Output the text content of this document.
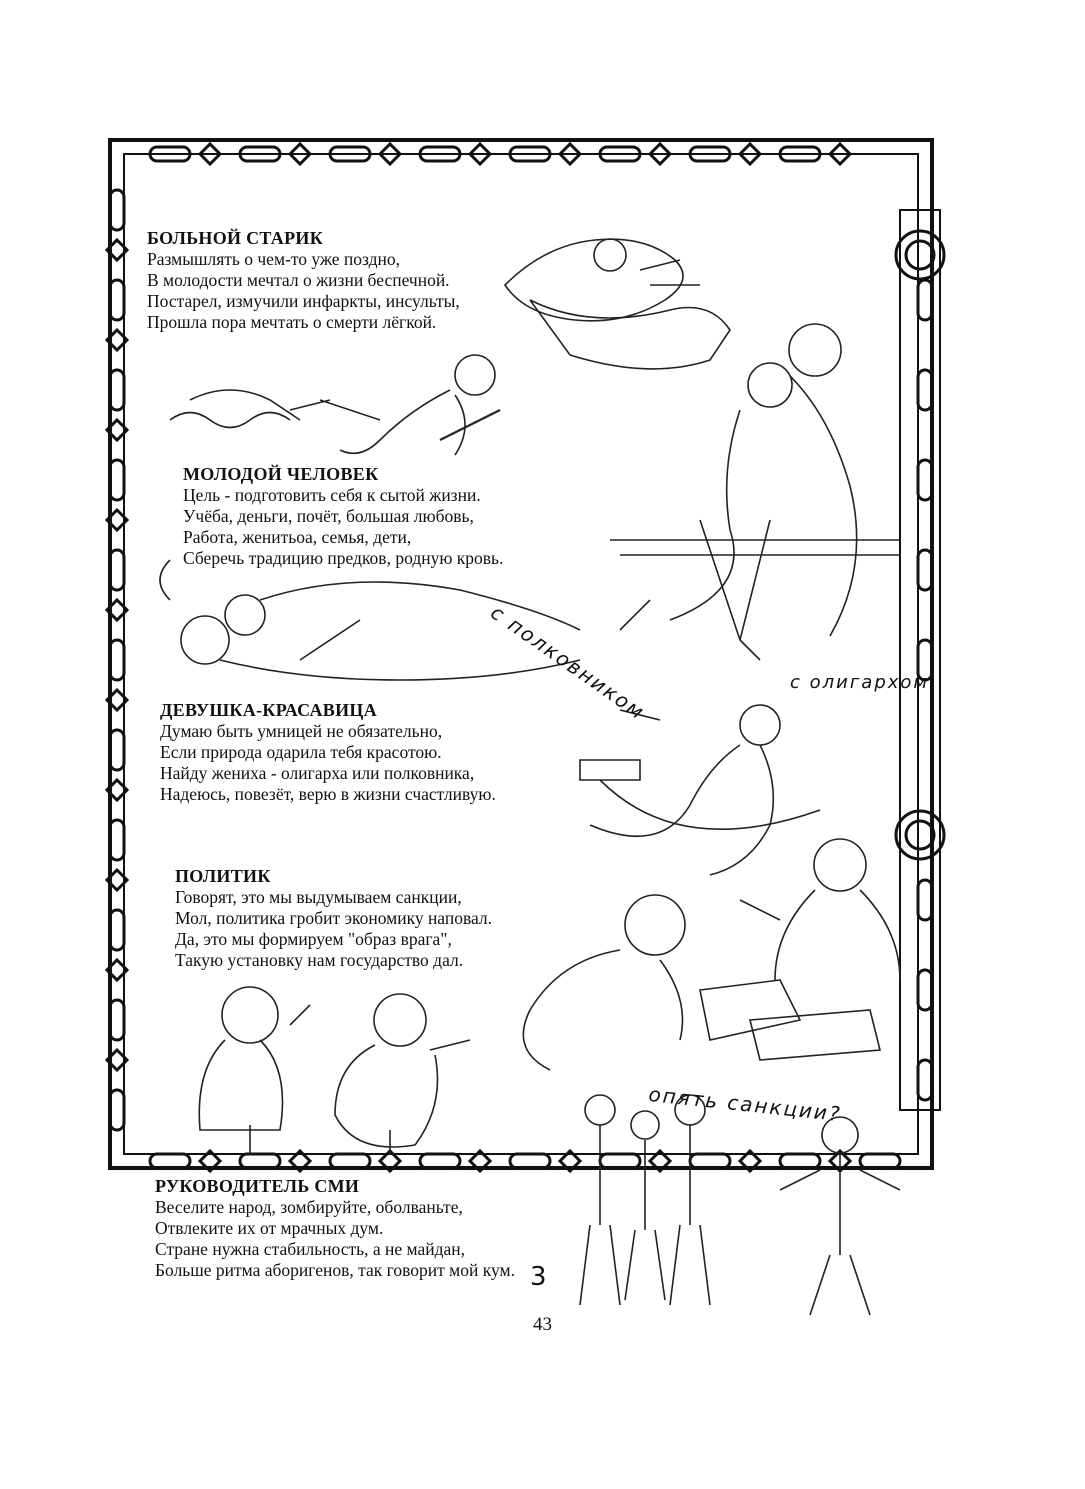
БОЛЬНОЙ СТАРИК
Размышлять о чем-то уже поздно,
В молодости мечтал о жизни беспечной.
Постарел, измучили инфаркты, инсульты,
Прошла пора мечтать о смерти лёгкой.
МОЛОДОЙ ЧЕЛОВЕК
Цель - подготовить себя к сытой жизни.
Учёба, деньги, почёт, большая любовь,
Работа, женитьоа, семья, дети,
Сберечь традицию предков, родную кровь.
ДЕВУШКА-КРАСАВИЦА
Думаю быть умницей не обязательно,
Если природа одарила тебя красотою.
Найду жениха - олигарха или полковника,
Надеюсь, повезёт, верю в жизни счастливую.
ПОЛИТИК
Говорят, это мы выдумываем санкции,
Мол, политика гробит экономику наповал.
Да, это мы формируем "образ врага",
Такую установку нам государство дал.
РУКОВОДИТЕЛЬ СМИ
Веселите народ, зомбируйте, оболваньте,
Отвлеките их от мрачных дум.
Стране нужна стабильность, а не майдан,
Больше ритма аборигенов, так говорит мой кум.
с полковником	с олигархом
опять санкции?
3
43
